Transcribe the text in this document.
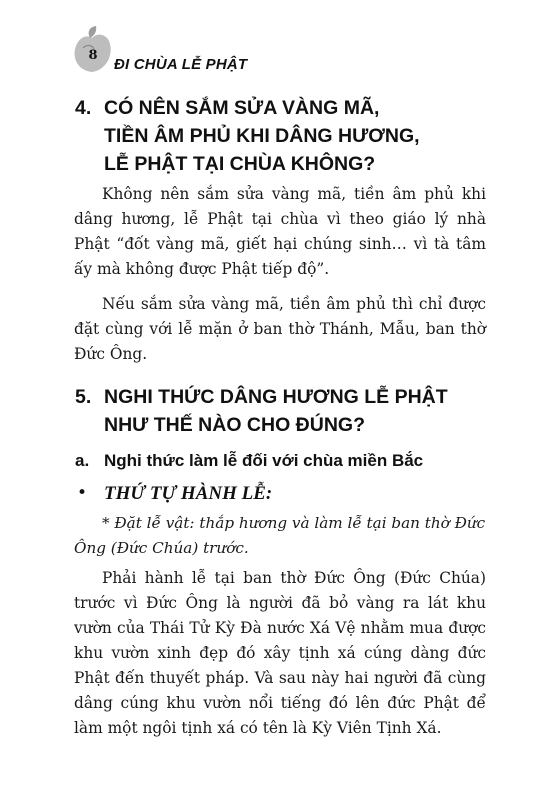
8
ĐI CHÙA LỄ PHẬT
4. CÓ NÊN SẮM SỬA VÀNG MÃ,
TIỀN ÂM PHỦ KHI DÂNG HƯƠNG,
LỄ PHẬT TẠI CHÙA KHÔNG?

Không nên sắm sửa vàng mã, tiền âm phủ khi dâng hương, lễ Phật tại chùa vì theo giáo lý nhà Phật “đốt vàng mã, giết hại chúng sinh… vì tà tâm ấy mà không được Phật tiếp độ”.

Nếu sắm sửa vàng mã, tiền âm phủ thì chỉ được đặt cùng với lễ mặn ở ban thờ Thánh, Mẫu, ban thờ Đức Ông.

5. NGHI THỨC DÂNG HƯƠNG LỄ PHẬT
NHƯ THẾ NÀO CHO ĐÚNG?
a. Nghi thức làm lễ đối với chùa miền Bắc
• THỨ TỰ HÀNH LỄ:

* Đặt lễ vật: thắp hương và làm lễ tại ban thờ Đức Ông (Đức Chúa) trước.

Phải hành lễ tại ban thờ Đức Ông (Đức Chúa) trước vì Đức Ông là người đã bỏ vàng ra lát khu vườn của Thái Tử Kỳ Đà nước Xá Vệ nhằm mua được khu vườn xinh đẹp đó xây tịnh xá cúng dàng đức Phật đến thuyết pháp. Và sau này hai người đã cùng dâng cúng khu vườn nổi tiếng đó lên đức Phật để làm một ngôi tịnh xá có tên là Kỳ Viên Tịnh Xá.
